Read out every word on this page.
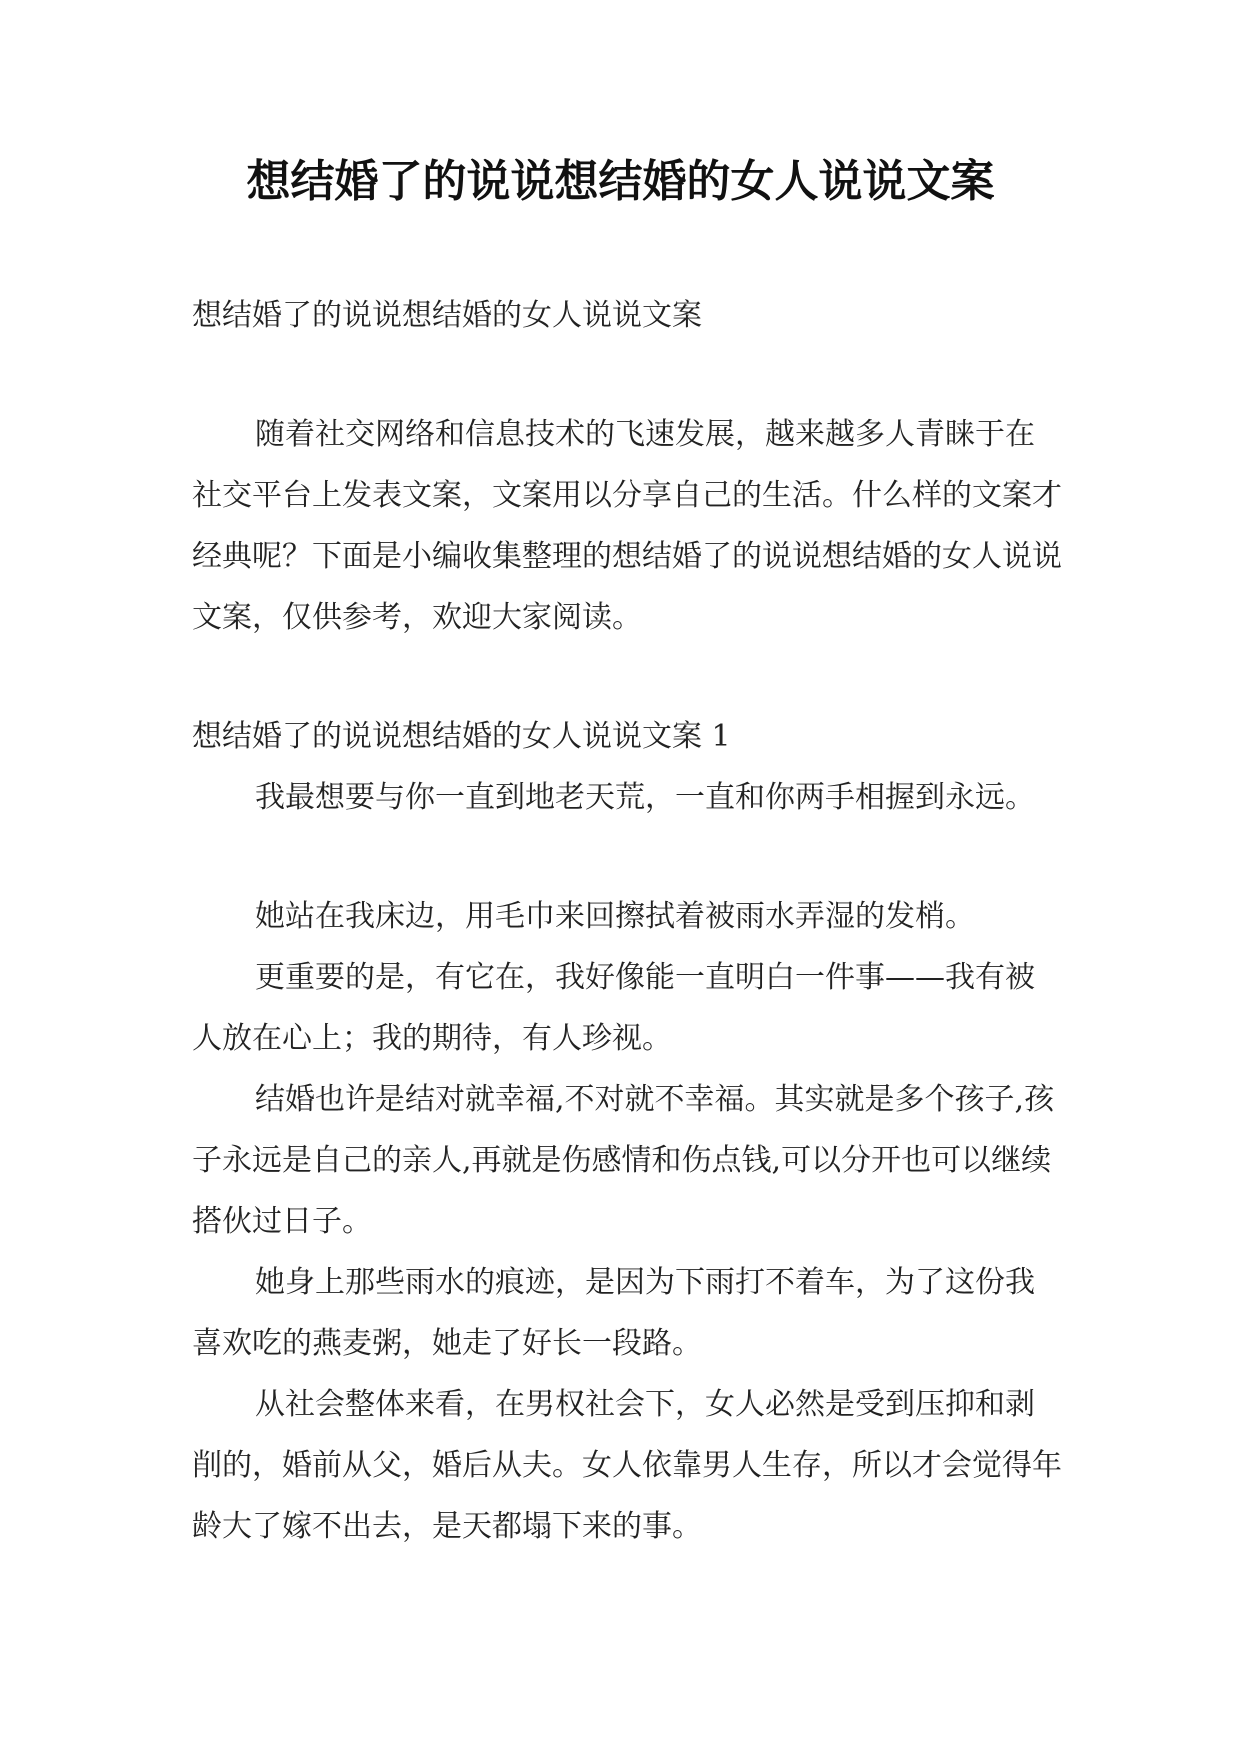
想结婚了的说说想结婚的女人说说文案

想结婚了的说说想结婚的女人说说文案

随着社交网络和信息技术的飞速发展，越来越多人青睐于在社交平台上发表文案，文案用以分享自己的生活。什么样的文案才经典呢？下面是小编收集整理的想结婚了的说说想结婚的女人说说文案，仅供参考，欢迎大家阅读。

想结婚了的说说想结婚的女人说说文案 1

我最想要与你一直到地老天荒，一直和你两手相握到永远。

她站在我床边，用毛巾来回擦拭着被雨水弄湿的发梢。

更重要的是，有它在，我好像能一直明白一件事——我有被人放在心上；我的期待，有人珍视。

结婚也许是结对就幸福,不对就不幸福。其实就是多个孩子,孩子永远是自己的亲人,再就是伤感情和伤点钱,可以分开也可以继续搭伙过日子。

她身上那些雨水的痕迹，是因为下雨打不着车，为了这份我喜欢吃的燕麦粥，她走了好长一段路。

从社会整体来看，在男权社会下，女人必然是受到压抑和剥削的，婚前从父，婚后从夫。女人依靠男人生存，所以才会觉得年龄大了嫁不出去，是天都塌下来的事。
